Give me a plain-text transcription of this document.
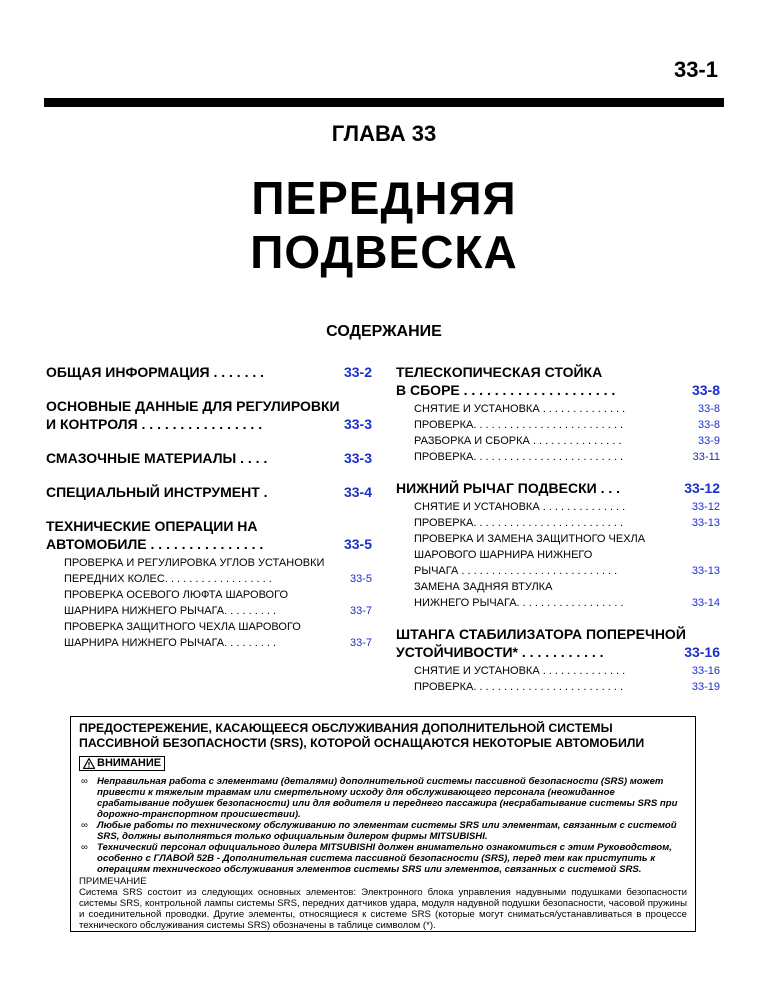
33-1
ГЛАВА 33
ПЕРЕДНЯЯ
ПОДВЕСКА
СОДЕРЖАНИЕ
ОБЩАЯ ИНФОРМАЦИЯ . . . . . . .	33-2
ОСНОВНЫЕ ДАННЫЕ ДЛЯ РЕГУЛИРОВКИ
И КОНТРОЛЯ . . . . . . . . . . . . . . . .	33-3
СМАЗОЧНЫЕ МАТЕРИАЛЫ . . . .	33-3
СПЕЦИАЛЬНЫЙ ИНСТРУМЕНТ .	33-4
ТЕХНИЧЕСКИЕ ОПЕРАЦИИ НА
АВТОМОБИЛЕ . . . . . . . . . . . . . . .	33-5
ПРОВЕРКА И РЕГУЛИРОВКА УГЛОВ УСТАНОВКИ
ПЕРЕДНИХ КОЛЕС. . . . . . . . . . . . . . . . . .	33-5
ПРОВЕРКА ОСЕВОГО ЛЮФТА ШАРОВОГО
ШАРНИРА НИЖНЕГО РЫЧАГА. . . . . . . . .	33-7
ПРОВЕРКА ЗАЩИТНОГО ЧЕХЛА ШАРОВОГО
ШАРНИРА НИЖНЕГО РЫЧАГА. . . . . . . . .	33-7
ТЕЛЕСКОПИЧЕСКАЯ СТОЙКА
В СБОРЕ . . . . . . . . . . . . . . . . . . . .	33-8
СНЯТИЕ И УСТАНОВКА . . . . . . . . . . . . . .	33-8
ПРОВЕРКА. . . . . . . . . . . . . . . . . . . . . . . . .	33-8
РАЗБОРКА И СБОРКА . . . . . . . . . . . . . . .	33-9
ПРОВЕРКА. . . . . . . . . . . . . . . . . . . . . . . . .	33-11
НИЖНИЙ РЫЧАГ ПОДВЕСКИ . . .	33-12
СНЯТИЕ И УСТАНОВКА . . . . . . . . . . . . . .	33-12
ПРОВЕРКА. . . . . . . . . . . . . . . . . . . . . . . . .	33-13
ПРОВЕРКА И ЗАМЕНА ЗАЩИТНОГО ЧЕХЛА
ШАРОВОГО ШАРНИРА НИЖНЕГО
РЫЧАГА . . . . . . . . . . . . . . . . . . . . . . . . . .	33-13
ЗАМЕНА ЗАДНЯЯ ВТУЛКА
НИЖНЕГО РЫЧАГА. . . . . . . . . . . . . . . . . .	33-14
ШТАНГА СТАБИЛИЗАТОРА ПОПЕРЕЧНОЙ
УСТОЙЧИВОСТИ* . . . . . . . . . . .	33-16
СНЯТИЕ И УСТАНОВКА . . . . . . . . . . . . . .	33-16
ПРОВЕРКА. . . . . . . . . . . . . . . . . . . . . . . . .	33-19
ПРЕДОСТЕРЕЖЕНИЕ, КАСАЮЩЕЕСЯ ОБСЛУЖИВАНИЯ ДОПОЛНИТЕЛЬНОЙ СИСТЕМЫ
ПАССИВНОЙ БЕЗОПАСНОСТИ (SRS), КОТОРОЙ ОСНАЩАЮТСЯ НЕКОТОРЫЕ АВТОМОБИЛИ
ВНИМАНИЕ
∞ Неправильная работа с элементами (деталями) дополнительной системы пассивной безопасности (SRS) может привести к тяжелым травмам или смертельному исходу для обслуживающего персонала (неожиданное срабатывание подушек безопасности) или для водителя и переднего пассажира (несрабатывание системы SRS при дорожно-транспортном происшествии).
∞ Любые работы по техническому обслуживанию по элементам системы SRS или элементам, связанным с системой SRS, должны выполняться только официальным дилером фирмы MITSUBISHI.
∞ Технический персонал официального дилера MITSUBISHI должен внимательно ознакомиться с этим Руководством, особенно с ГЛАВОЙ 52В - Дополнительная система пассивной безопасности (SRS), перед тем как приступить к операциям технического обслуживания элементов системы SRS или элементов, связанных с системой SRS.
ПРИМЕЧАНИЕ
Система SRS состоит из следующих основных элементов: Электронного блока управления надувными подушками безопасности системы SRS, контрольной лампы системы SRS, передних датчиков удара, модуля надувной подушки безопасности, часовой пружины и соединительной проводки. Другие элементы, относящиеся к системе SRS (которые могут сниматься/устанавливаться в процессе технического обслуживания системы SRS) обозначены в таблице символом (*).
